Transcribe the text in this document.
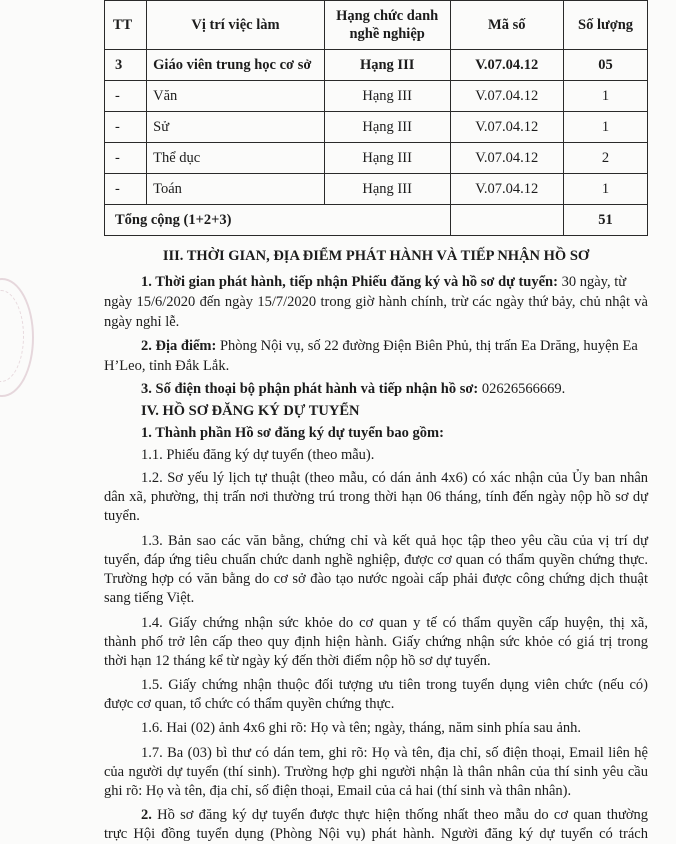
TT	Vị trí việc làm	Hạng chức danh nghề nghiệp	Mã số	Số lượng
3	Giáo viên trung học cơ sở	Hạng III	V.07.04.12	05
-	Văn	Hạng III	V.07.04.12	1
-	Sử	Hạng III	V.07.04.12	1
-	Thể dục	Hạng III	V.07.04.12	2
-	Toán	Hạng III	V.07.04.12	1
Tổng cộng (1+2+3)				51
III. THỜI GIAN, ĐỊA ĐIỂM PHÁT HÀNH VÀ TIẾP NHẬN HỒ SƠ
1. Thời gian phát hành, tiếp nhận Phiếu đăng ký và hồ sơ dự tuyển: 30 ngày, từ
ngày 15/6/2020 đến ngày 15/7/2020 trong giờ hành chính, trừ các ngày thứ bảy, chủ nhật và
ngày nghỉ lễ.
2. Địa điểm: Phòng Nội vụ, số 22 đường Điện Biên Phủ, thị trấn Ea Drăng, huyện Ea
H’Leo, tỉnh Đắk Lắk.
3. Số điện thoại bộ phận phát hành và tiếp nhận hồ sơ: 02626566669.
IV. HỒ SƠ ĐĂNG KÝ DỰ TUYỂN
1. Thành phần Hồ sơ đăng ký dự tuyển bao gồm:
1.1. Phiếu đăng ký dự tuyển (theo mẫu).
1.2. Sơ yếu lý lịch tự thuật (theo mẫu, có dán ảnh 4x6) có xác nhận của Ủy ban nhân
dân xã, phường, thị trấn nơi thường trú trong thời hạn 06 tháng, tính đến ngày nộp hồ sơ dự
tuyển.
1.3. Bản sao các văn bằng, chứng chỉ và kết quả học tập theo yêu cầu của vị trí dự
tuyển, đáp ứng tiêu chuẩn chức danh nghề nghiệp, được cơ quan có thẩm quyền chứng thực.
Trường hợp có văn bằng do cơ sở đào tạo nước ngoài cấp phải được công chứng dịch thuật
sang tiếng Việt.
1.4. Giấy chứng nhận sức khỏe do cơ quan y tế có thẩm quyền cấp huyện, thị xã,
thành phố trở lên cấp theo quy định hiện hành. Giấy chứng nhận sức khỏe có giá trị trong
thời hạn 12 tháng kể từ ngày ký đến thời điểm nộp hồ sơ dự tuyển.
1.5. Giấy chứng nhận thuộc đối tượng ưu tiên trong tuyển dụng viên chức (nếu có)
được cơ quan, tổ chức có thẩm quyền chứng thực.
1.6. Hai (02) ảnh 4x6 ghi rõ: Họ và tên; ngày, tháng, năm sinh phía sau ảnh.
1.7. Ba (03) bì thư có dán tem, ghi rõ: Họ và tên, địa chỉ, số điện thoại, Email liên hệ
của người dự tuyển (thí sinh). Trường hợp ghi người nhận là thân nhân của thí sinh yêu cầu
ghi rõ: Họ và tên, địa chỉ, số điện thoại, Email của cả hai (thí sinh và thân nhân).
2. Hồ sơ đăng ký dự tuyển được thực hiện thống nhất theo mẫu do cơ quan thường
trực Hội đồng tuyển dụng (Phòng Nội vụ) phát hành. Người đăng ký dự tuyển có trách
